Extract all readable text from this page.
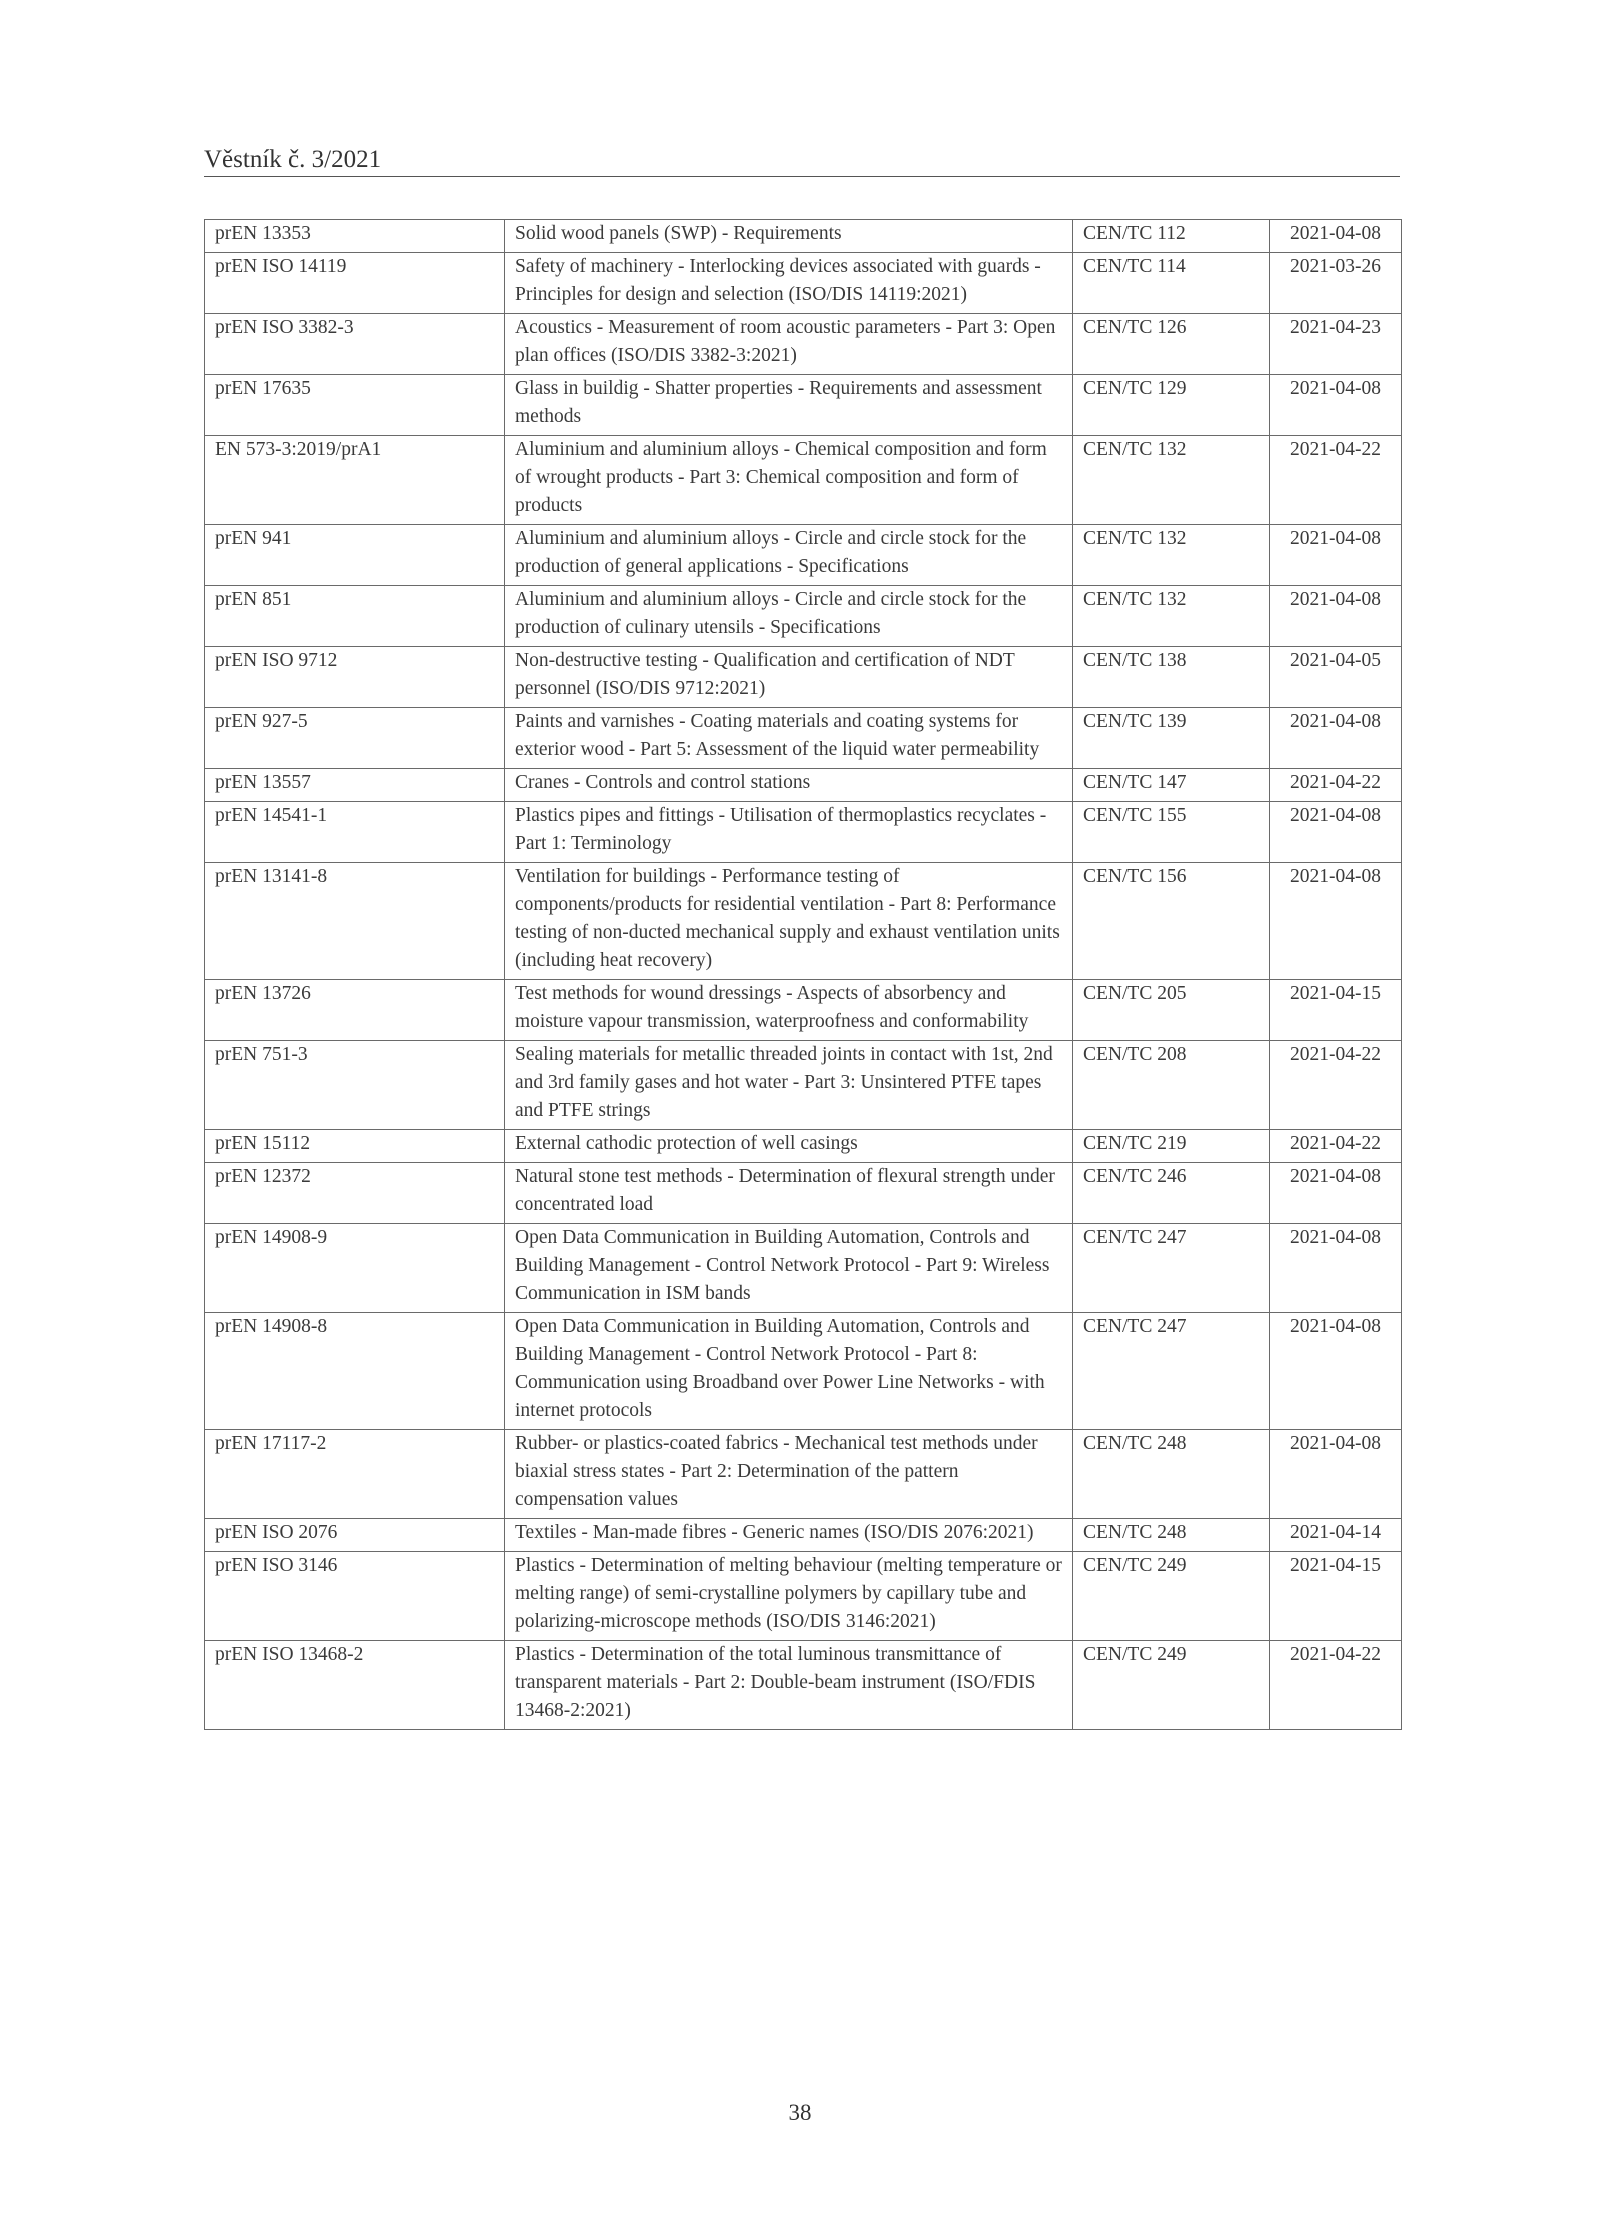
Věstník č. 3/2021
prEN 13353	Solid wood panels (SWP) - Requirements	CEN/TC 112	2021-04-08
prEN ISO 14119	Safety of machinery - Interlocking devices associated with guards - Principles for design and selection (ISO/DIS 14119:2021)	CEN/TC 114	2021-03-26
prEN ISO 3382-3	Acoustics - Measurement of room acoustic parameters - Part 3: Open plan offices (ISO/DIS 3382-3:2021)	CEN/TC 126	2021-04-23
prEN 17635	Glass in buildig - Shatter properties - Requirements and assessment methods	CEN/TC 129	2021-04-08
EN 573-3:2019/prA1	Aluminium and aluminium alloys - Chemical composition and form of wrought products - Part 3: Chemical composition and form of products	CEN/TC 132	2021-04-22
prEN 941	Aluminium and aluminium alloys - Circle and circle stock for the production of general applications - Specifications	CEN/TC 132	2021-04-08
prEN 851	Aluminium and aluminium alloys - Circle and circle stock for the production of culinary utensils - Specifications	CEN/TC 132	2021-04-08
prEN ISO 9712	Non-destructive testing - Qualification and certification of NDT personnel (ISO/DIS 9712:2021)	CEN/TC 138	2021-04-05
prEN 927-5	Paints and varnishes - Coating materials and coating systems for exterior wood - Part 5: Assessment of the liquid water permeability	CEN/TC 139	2021-04-08
prEN 13557	Cranes - Controls and control stations	CEN/TC 147	2021-04-22
prEN 14541-1	Plastics pipes and fittings - Utilisation of thermoplastics recyclates - Part 1: Terminology	CEN/TC 155	2021-04-08
prEN 13141-8	Ventilation for buildings - Performance testing of components/products for residential ventilation - Part 8: Performance testing of non-ducted mechanical supply and exhaust ventilation units (including heat recovery)	CEN/TC 156	2021-04-08
prEN 13726	Test methods for wound dressings - Aspects of absorbency and moisture vapour transmission, waterproofness and conformability	CEN/TC 205	2021-04-15
prEN 751-3	Sealing materials for metallic threaded joints in contact with 1st, 2nd and 3rd family gases and hot water - Part 3: Unsintered PTFE tapes and PTFE strings	CEN/TC 208	2021-04-22
prEN 15112	External cathodic protection of well casings	CEN/TC 219	2021-04-22
prEN 12372	Natural stone test methods - Determination of flexural strength under concentrated load	CEN/TC 246	2021-04-08
prEN 14908-9	Open Data Communication in Building Automation, Controls and Building Management - Control Network Protocol - Part 9: Wireless Communication in ISM bands	CEN/TC 247	2021-04-08
prEN 14908-8	Open Data Communication in Building Automation, Controls and Building Management - Control Network Protocol - Part 8: Communication using Broadband over Power Line Networks - with internet protocols	CEN/TC 247	2021-04-08
prEN 17117-2	Rubber- or plastics-coated fabrics - Mechanical test methods under biaxial stress states - Part 2: Determination of the pattern compensation values	CEN/TC 248	2021-04-08
prEN ISO 2076	Textiles - Man-made fibres - Generic names (ISO/DIS 2076:2021)	CEN/TC 248	2021-04-14
prEN ISO 3146	Plastics - Determination of melting behaviour (melting temperature or melting range) of semi-crystalline polymers by capillary tube and polarizing-microscope methods (ISO/DIS 3146:2021)	CEN/TC 249	2021-04-15
prEN ISO 13468-2	Plastics - Determination of the total luminous transmittance of transparent materials - Part 2: Double-beam instrument (ISO/FDIS 13468-2:2021)	CEN/TC 249	2021-04-22
38
